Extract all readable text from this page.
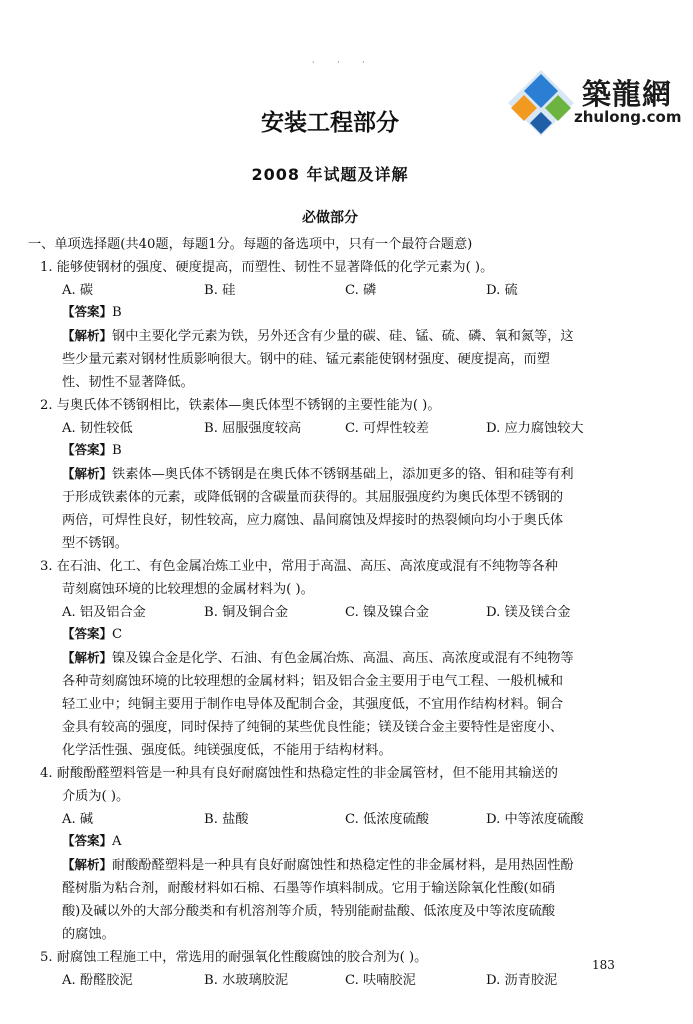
· · ·
築龍網
zhulong.com
安装工程部分
2008 年试题及详解
必做部分
一、单项选择题(共40题，每题1分。每题的备选项中，只有一个最符合题意)
1. 能够使钢材的强度、硬度提高，而塑性、韧性不显著降低的化学元素为( )。
A. 碳	B. 硅	C. 磷	D. 硫
【答案】B
【解析】钢中主要化学元素为铁，另外还含有少量的碳、硅、锰、硫、磷、氧和氮等，这
些少量元素对钢材性质影响很大。钢中的硅、锰元素能使钢材强度、硬度提高，而塑
性、韧性不显著降低。
2. 与奥氏体不锈钢相比，铁素体—奥氏体型不锈钢的主要性能为( )。
A. 韧性较低	B. 屈服强度较高	C. 可焊性较差	D. 应力腐蚀较大
【答案】B
【解析】铁素体—奥氏体不锈钢是在奥氏体不锈钢基础上，添加更多的铬、钼和硅等有利
于形成铁素体的元素，或降低钢的含碳量而获得的。其屈服强度约为奥氏体型不锈钢的
两倍，可焊性良好，韧性较高，应力腐蚀、晶间腐蚀及焊接时的热裂倾向均小于奥氏体
型不锈钢。
3. 在石油、化工、有色金属冶炼工业中，常用于高温、高压、高浓度或混有不纯物等各种
苛刻腐蚀环境的比较理想的金属材料为( )。
A. 铝及铝合金	B. 铜及铜合金	C. 镍及镍合金	D. 镁及镁合金
【答案】C
【解析】镍及镍合金是化学、石油、有色金属冶炼、高温、高压、高浓度或混有不纯物等
各种苛刻腐蚀环境的比较理想的金属材料；铝及铝合金主要用于电气工程、一般机械和
轻工业中；纯铜主要用于制作电导体及配制合金，其强度低，不宜用作结构材料。铜合
金具有较高的强度，同时保持了纯铜的某些优良性能；镁及镁合金主要特性是密度小、
化学活性强、强度低。纯镁强度低，不能用于结构材料。
4. 耐酸酚醛塑料管是一种具有良好耐腐蚀性和热稳定性的非金属管材，但不能用其输送的
介质为( )。
A. 碱	B. 盐酸	C. 低浓度硫酸	D. 中等浓度硫酸
【答案】A
【解析】耐酸酚醛塑料是一种具有良好耐腐蚀性和热稳定性的非金属材料，是用热固性酚
醛树脂为粘合剂，耐酸材料如石棉、石墨等作填料制成。它用于输送除氧化性酸(如硝
酸)及碱以外的大部分酸类和有机溶剂等介质，特别能耐盐酸、低浓度及中等浓度硫酸
的腐蚀。
5. 耐腐蚀工程施工中，常选用的耐强氧化性酸腐蚀的胶合剂为( )。
A. 酚醛胶泥	B. 水玻璃胶泥	C. 呋喃胶泥	D. 沥青胶泥
183
